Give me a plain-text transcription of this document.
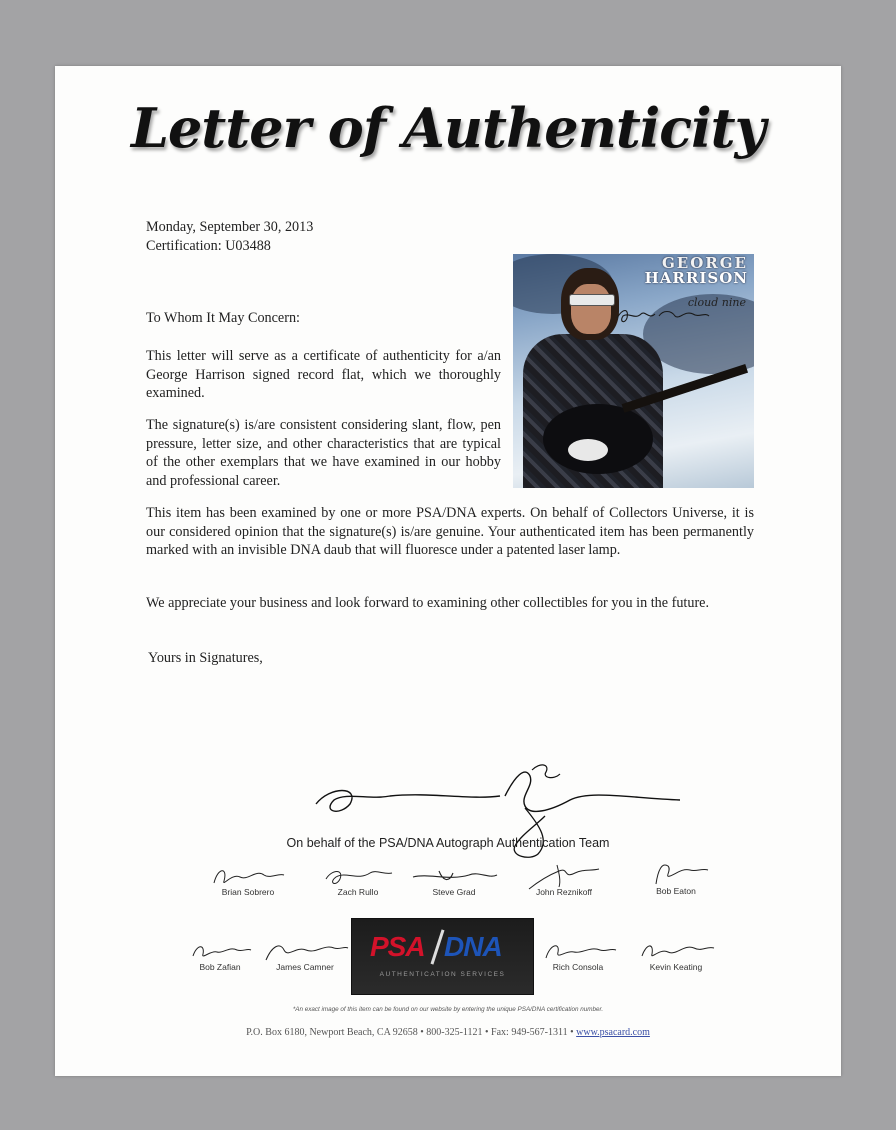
Letter of Authenticity
Monday, September 30, 2013
Certification: U03488
GEORGE
HARRISON
cloud nine
To Whom It May Concern:
This letter will serve as a certificate of authenticity for a/an George Harrison signed record flat, which we thoroughly examined.
The signature(s) is/are consistent considering slant, flow, pen pressure, letter size, and other characteristics that are typical of the other exemplars that we have examined in our hobby and professional career.
This item has been examined by one or more PSA/DNA experts. On behalf of Collectors Universe, it is our considered opinion that the signature(s) is/are genuine. Your authenticated item has been permanently marked with an invisible DNA daub that will fluoresce under a patented laser lamp.
We appreciate your business and look forward to examining other collectibles for you in the future.
Yours in Signatures,
On behalf of the PSA/DNA Autograph Authentication Team
Brian Sobrero	Zach Rullo	Steve Grad	John Reznikoff	Bob Eaton
Bob Zafian	James Camner	Rich Consola	Kevin Keating
PSA DNA
AUTHENTICATION SERVICES
*An exact image of this item can be found on our website by entering the unique PSA/DNA certification number.
P.O. Box 6180, Newport Beach, CA 92658 • 800-325-1121 • Fax: 949-567-1311 • www.psacard.com
